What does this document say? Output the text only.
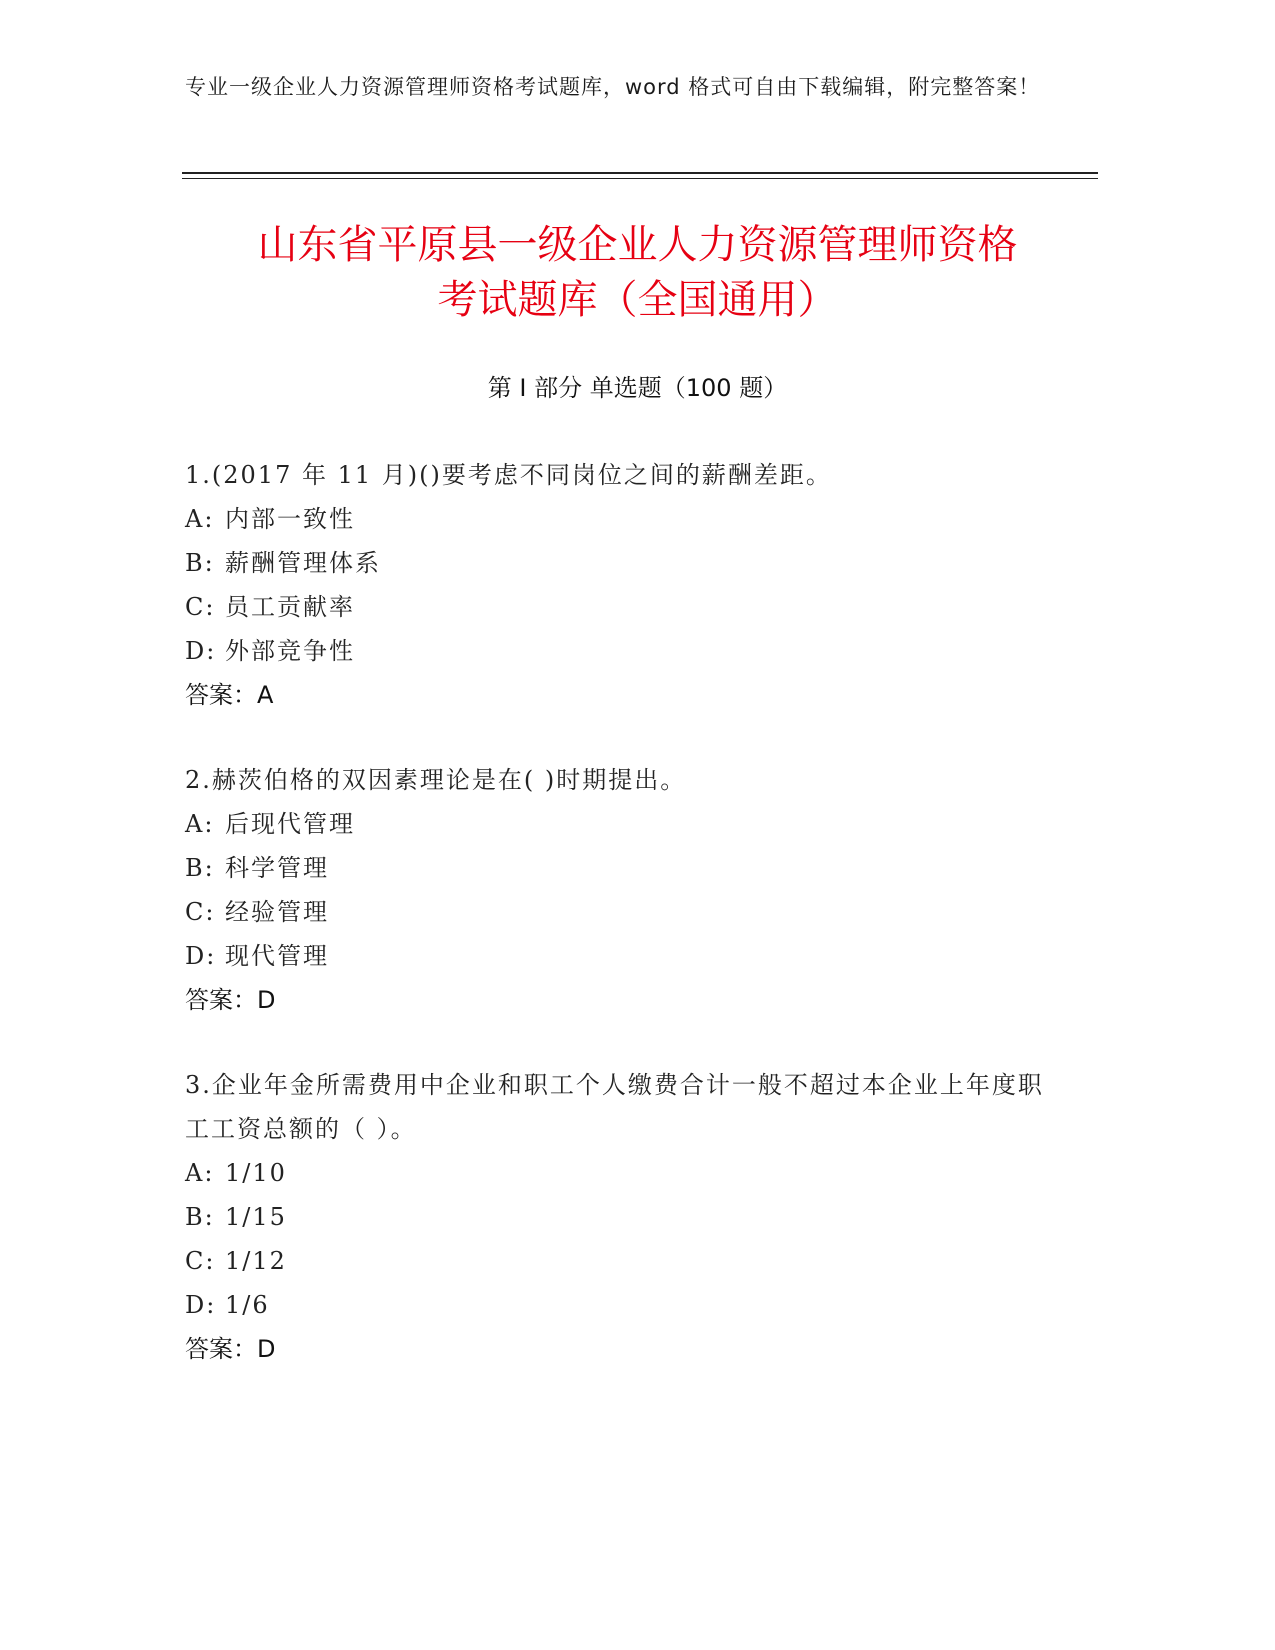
专业一级企业人力资源管理师资格考试题库，word 格式可自由下载编辑，附完整答案！
山东省平原县一级企业人力资源管理师资格
考试题库（全国通用）
第 I 部分 单选题（100 题）
1.(2017 年 11 月)()要考虑不同岗位之间的薪酬差距。
A: 内部一致性
B: 薪酬管理体系
C: 员工贡献率
D: 外部竞争性
答案：A
2.赫茨伯格的双因素理论是在( )时期提出。
A: 后现代管理
B: 科学管理
C: 经验管理
D: 现代管理
答案：D
3.企业年金所需费用中企业和职工个人缴费合计一般不超过本企业上年度职工工资总额的（ ）。
A: 1/10
B: 1/15
C: 1/12
D: 1/6
答案：D
